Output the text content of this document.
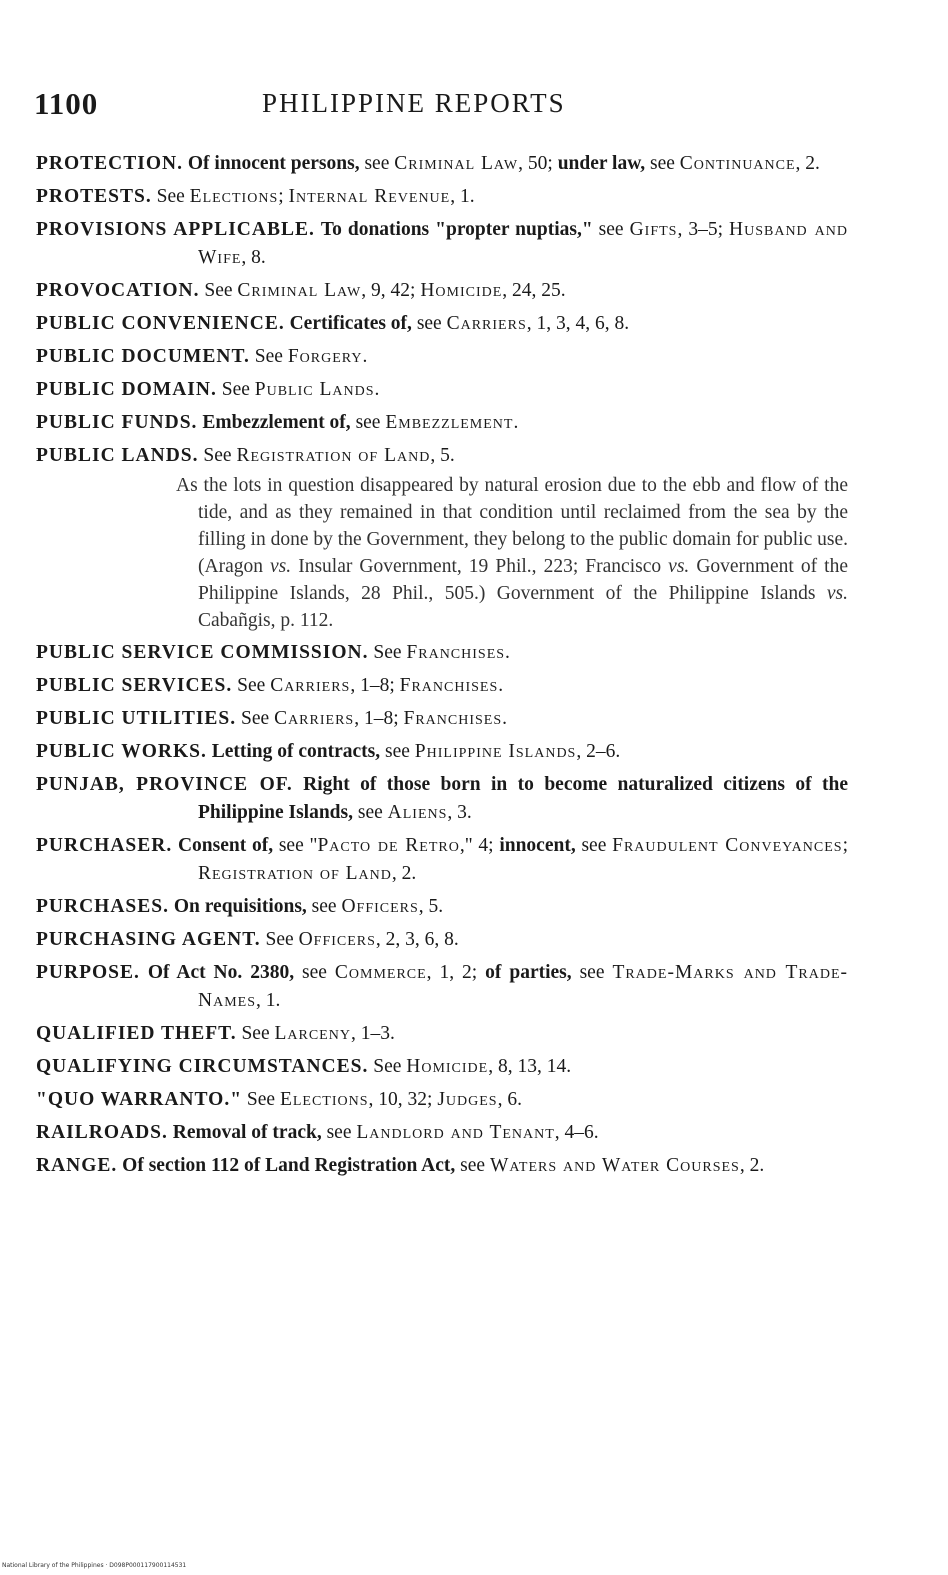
1100	PHILIPPINE REPORTS
PROTECTION. Of innocent persons, see Criminal Law, 50; under law, see Continuance, 2.
PROTESTS. See Elections; Internal Revenue, 1.
PROVISIONS APPLICABLE. To donations "propter nuptias," see Gifts, 3–5; Husband and Wife, 8.
PROVOCATION. See Criminal Law, 9, 42; Homicide, 24, 25.
PUBLIC CONVENIENCE. Certificates of, see Carriers, 1, 3, 4, 6, 8.
PUBLIC DOCUMENT. See Forgery.
PUBLIC DOMAIN. See Public Lands.
PUBLIC FUNDS. Embezzlement of, see Embezzlement.
PUBLIC LANDS. See Registration of Land, 5.

As the lots in question disappeared by natural erosion due to the ebb and flow of the tide, and as they remained in that condition until reclaimed from the sea by the filling in done by the Government, they belong to the public domain for public use. (Aragon vs. Insular Government, 19 Phil., 223; Francisco vs. Government of the Philippine Islands, 28 Phil., 505.) Government of the Philippine Islands vs. Cabañgis, p. 112.

PUBLIC SERVICE COMMISSION. See Franchises.
PUBLIC SERVICES. See Carriers, 1–8; Franchises.
PUBLIC UTILITIES. See Carriers, 1–8; Franchises.
PUBLIC WORKS. Letting of contracts, see Philippine Islands, 2–6.
PUNJAB, PROVINCE OF. Right of those born in to become naturalized citizens of the Philippine Islands, see Aliens, 3.
PURCHASER. Consent of, see "Pacto de Retro," 4; innocent, see Fraudulent Conveyances; Registration of Land, 2.
PURCHASES. On requisitions, see Officers, 5.
PURCHASING AGENT. See Officers, 2, 3, 6, 8.
PURPOSE. Of Act No. 2380, see Commerce, 1, 2; of parties, see Trade-Marks and Trade-Names, 1.
QUALIFIED THEFT. See Larceny, 1–3.
QUALIFYING CIRCUMSTANCES. See Homicide, 8, 13, 14.
"QUO WARRANTO." See Elections, 10, 32; Judges, 6.
RAILROADS. Removal of track, see Landlord and Tenant, 4–6.
RANGE. Of section 112 of Land Registration Act, see Waters and Water Courses, 2.
National Library of the Philippines · D098P000117900114531
